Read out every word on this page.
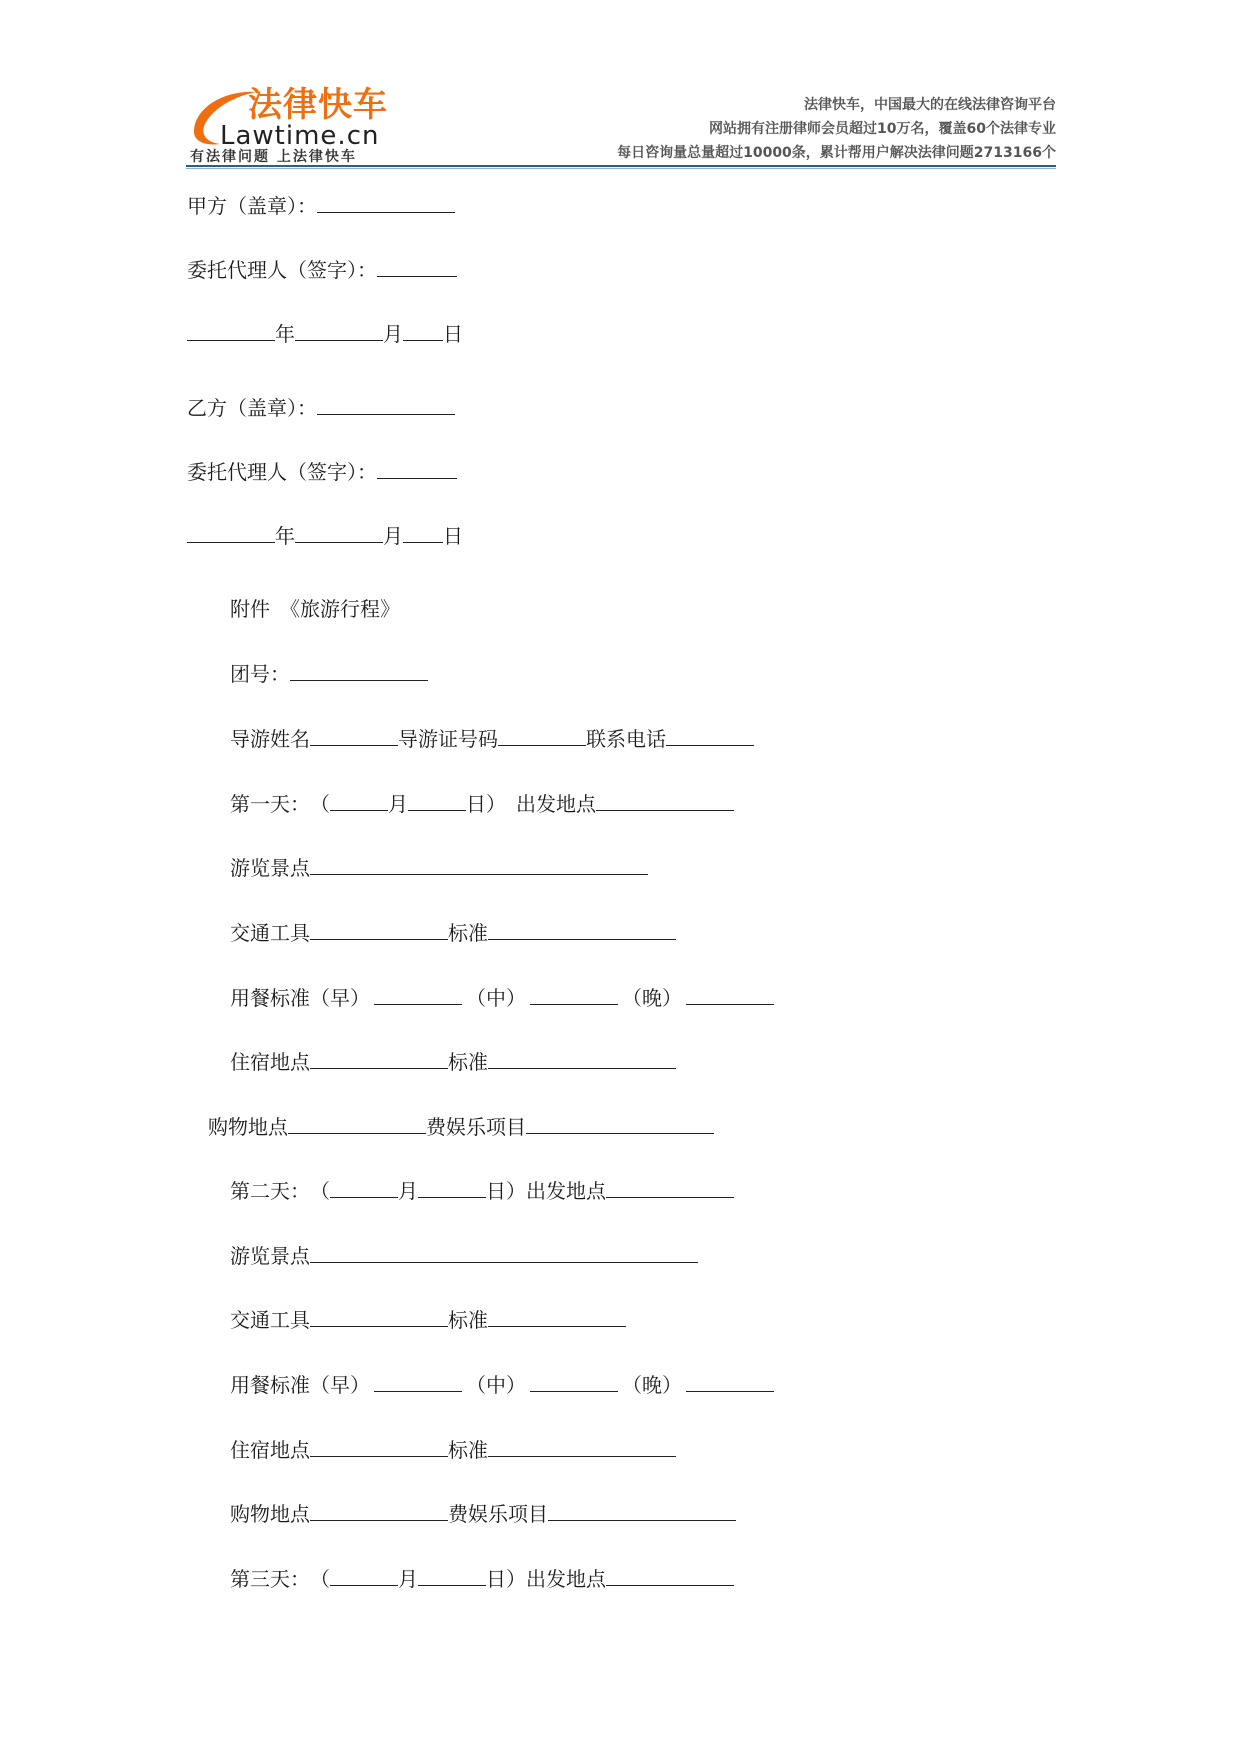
法律快车
Lawtime.cn
有法律问题 上法律快车
法律快车，中国最大的在线法律咨询平台
网站拥有注册律师会员超过10万名，覆盖60个法律专业
每日咨询量总量超过10000条，累计帮用户解决法律问题2713166个
甲方（盖章）：
委托代理人（签字）：
年	月 日
乙方（盖章）：
委托代理人（签字）：
年	月 日
附件　《旅游行程》
团号：
导游姓名	导游证号码	联系电话
第一天：　（	月	日）　出发地点
游览景点
交通工具	标准
用餐标准（早）	（中）	（晚）
住宿地点	标准
购物地点	费娱乐项目
第二天：　（	月	日）出发地点
游览景点
交通工具	标准
用餐标准（早）	（中）	（晚）
住宿地点	标准
购物地点	费娱乐项目
第三天：　（	月	日）出发地点
